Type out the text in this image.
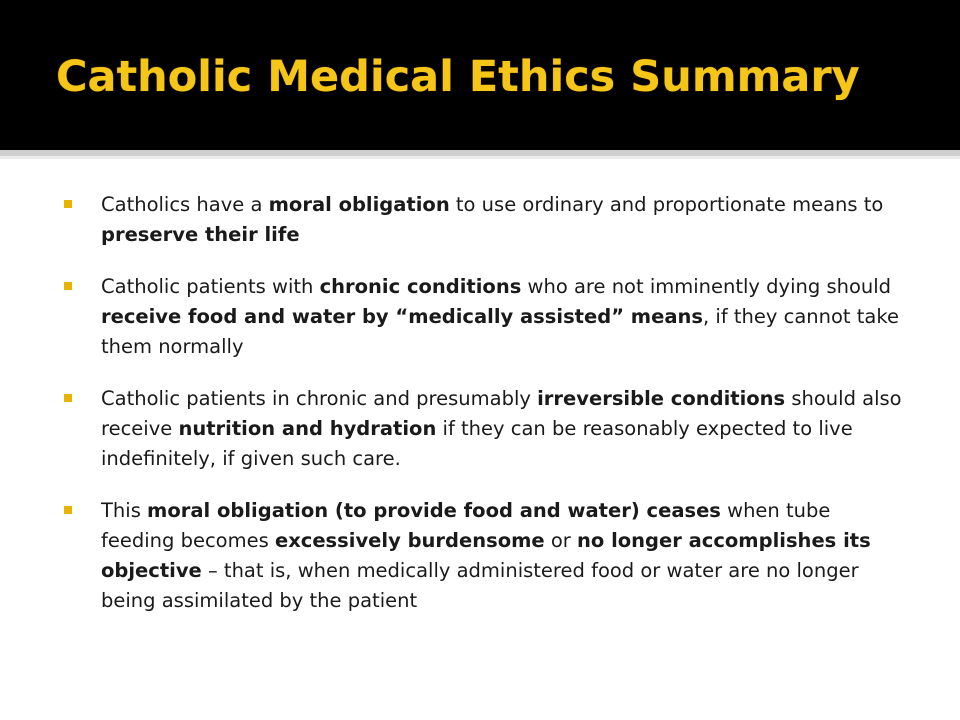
Catholic Medical Ethics Summary
Catholics have a moral obligation to use ordinary and proportionate means to preserve their life
Catholic patients with chronic conditions who are not imminently dying should receive food and water by “medically assisted” means, if they cannot take them normally
Catholic patients in chronic and presumably irreversible conditions should also receive nutrition and hydration if they can be reasonably expected to live indefinitely, if given such care.
This moral obligation (to provide food and water) ceases when tube feeding becomes excessively burdensome or no longer accomplishes its objective – that is, when medically administered food or water are no longer being assimilated by the patient
